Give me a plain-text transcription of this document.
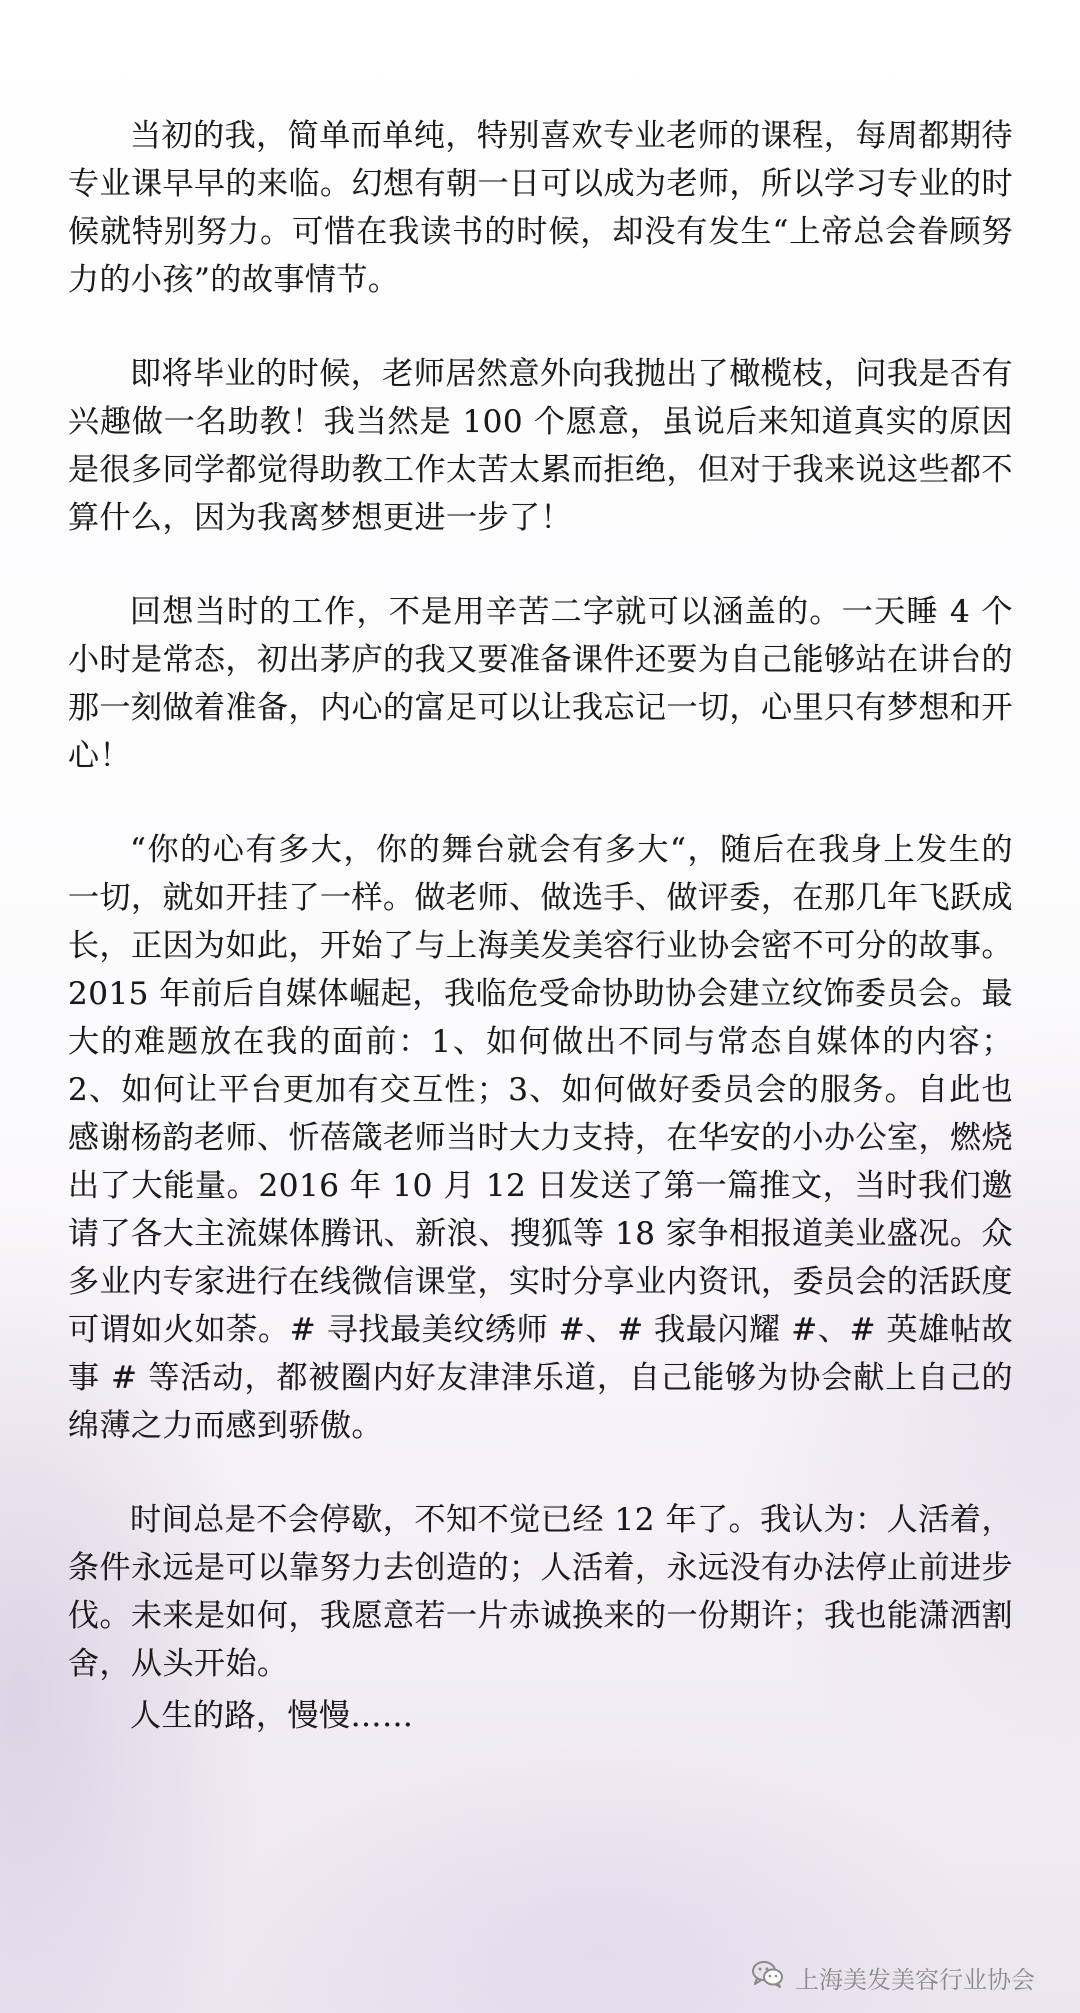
当初的我，简单而单纯，特别喜欢专业老师的课程，每周都期待专业课早早的来临。幻想有朝一日可以成为老师，所以学习专业的时候就特别努力。可惜在我读书的时候，却没有发生“上帝总会眷顾努力的小孩”的故事情节。

即将毕业的时候，老师居然意外向我抛出了橄榄枝，问我是否有兴趣做一名助教！我当然是 100 个愿意，虽说后来知道真实的原因是很多同学都觉得助教工作太苦太累而拒绝，但对于我来说这些都不算什么，因为我离梦想更进一步了！

回想当时的工作，不是用辛苦二字就可以涵盖的。一天睡 4 个小时是常态，初出茅庐的我又要准备课件还要为自己能够站在讲台的那一刻做着准备，内心的富足可以让我忘记一切，心里只有梦想和开心！

“你的心有多大，你的舞台就会有多大“，随后在我身上发生的一切，就如开挂了一样。做老师、做选手、做评委，在那几年飞跃成长，正因为如此，开始了与上海美发美容行业协会密不可分的故事。2015 年前后自媒体崛起，我临危受命协助协会建立纹饰委员会。最大的难题放在我的面前：1、如何做出不同与常态自媒体的内容；2、如何让平台更加有交互性；3、如何做好委员会的服务。自此也感谢杨韵老师、忻蓓箴老师当时大力支持，在华安的小办公室，燃烧出了大能量。2016 年 10 月 12 日发送了第一篇推文，当时我们邀请了各大主流媒体腾讯、新浪、搜狐等 18 家争相报道美业盛况。众多业内专家进行在线微信课堂，实时分享业内资讯，委员会的活跃度可谓如火如荼。# 寻找最美纹绣师 #、# 我最闪耀 #、# 英雄帖故事 # 等活动，都被圈内好友津津乐道，自己能够为协会献上自己的绵薄之力而感到骄傲。

时间总是不会停歇，不知不觉已经 12 年了。我认为：人活着，条件永远是可以靠努力去创造的；人活着，永远没有办法停止前进步伐。未来是如何，我愿意若一片赤诚换来的一份期许；我也能潇洒割舍，从头开始。

人生的路，慢慢……

上海美发美容行业协会
